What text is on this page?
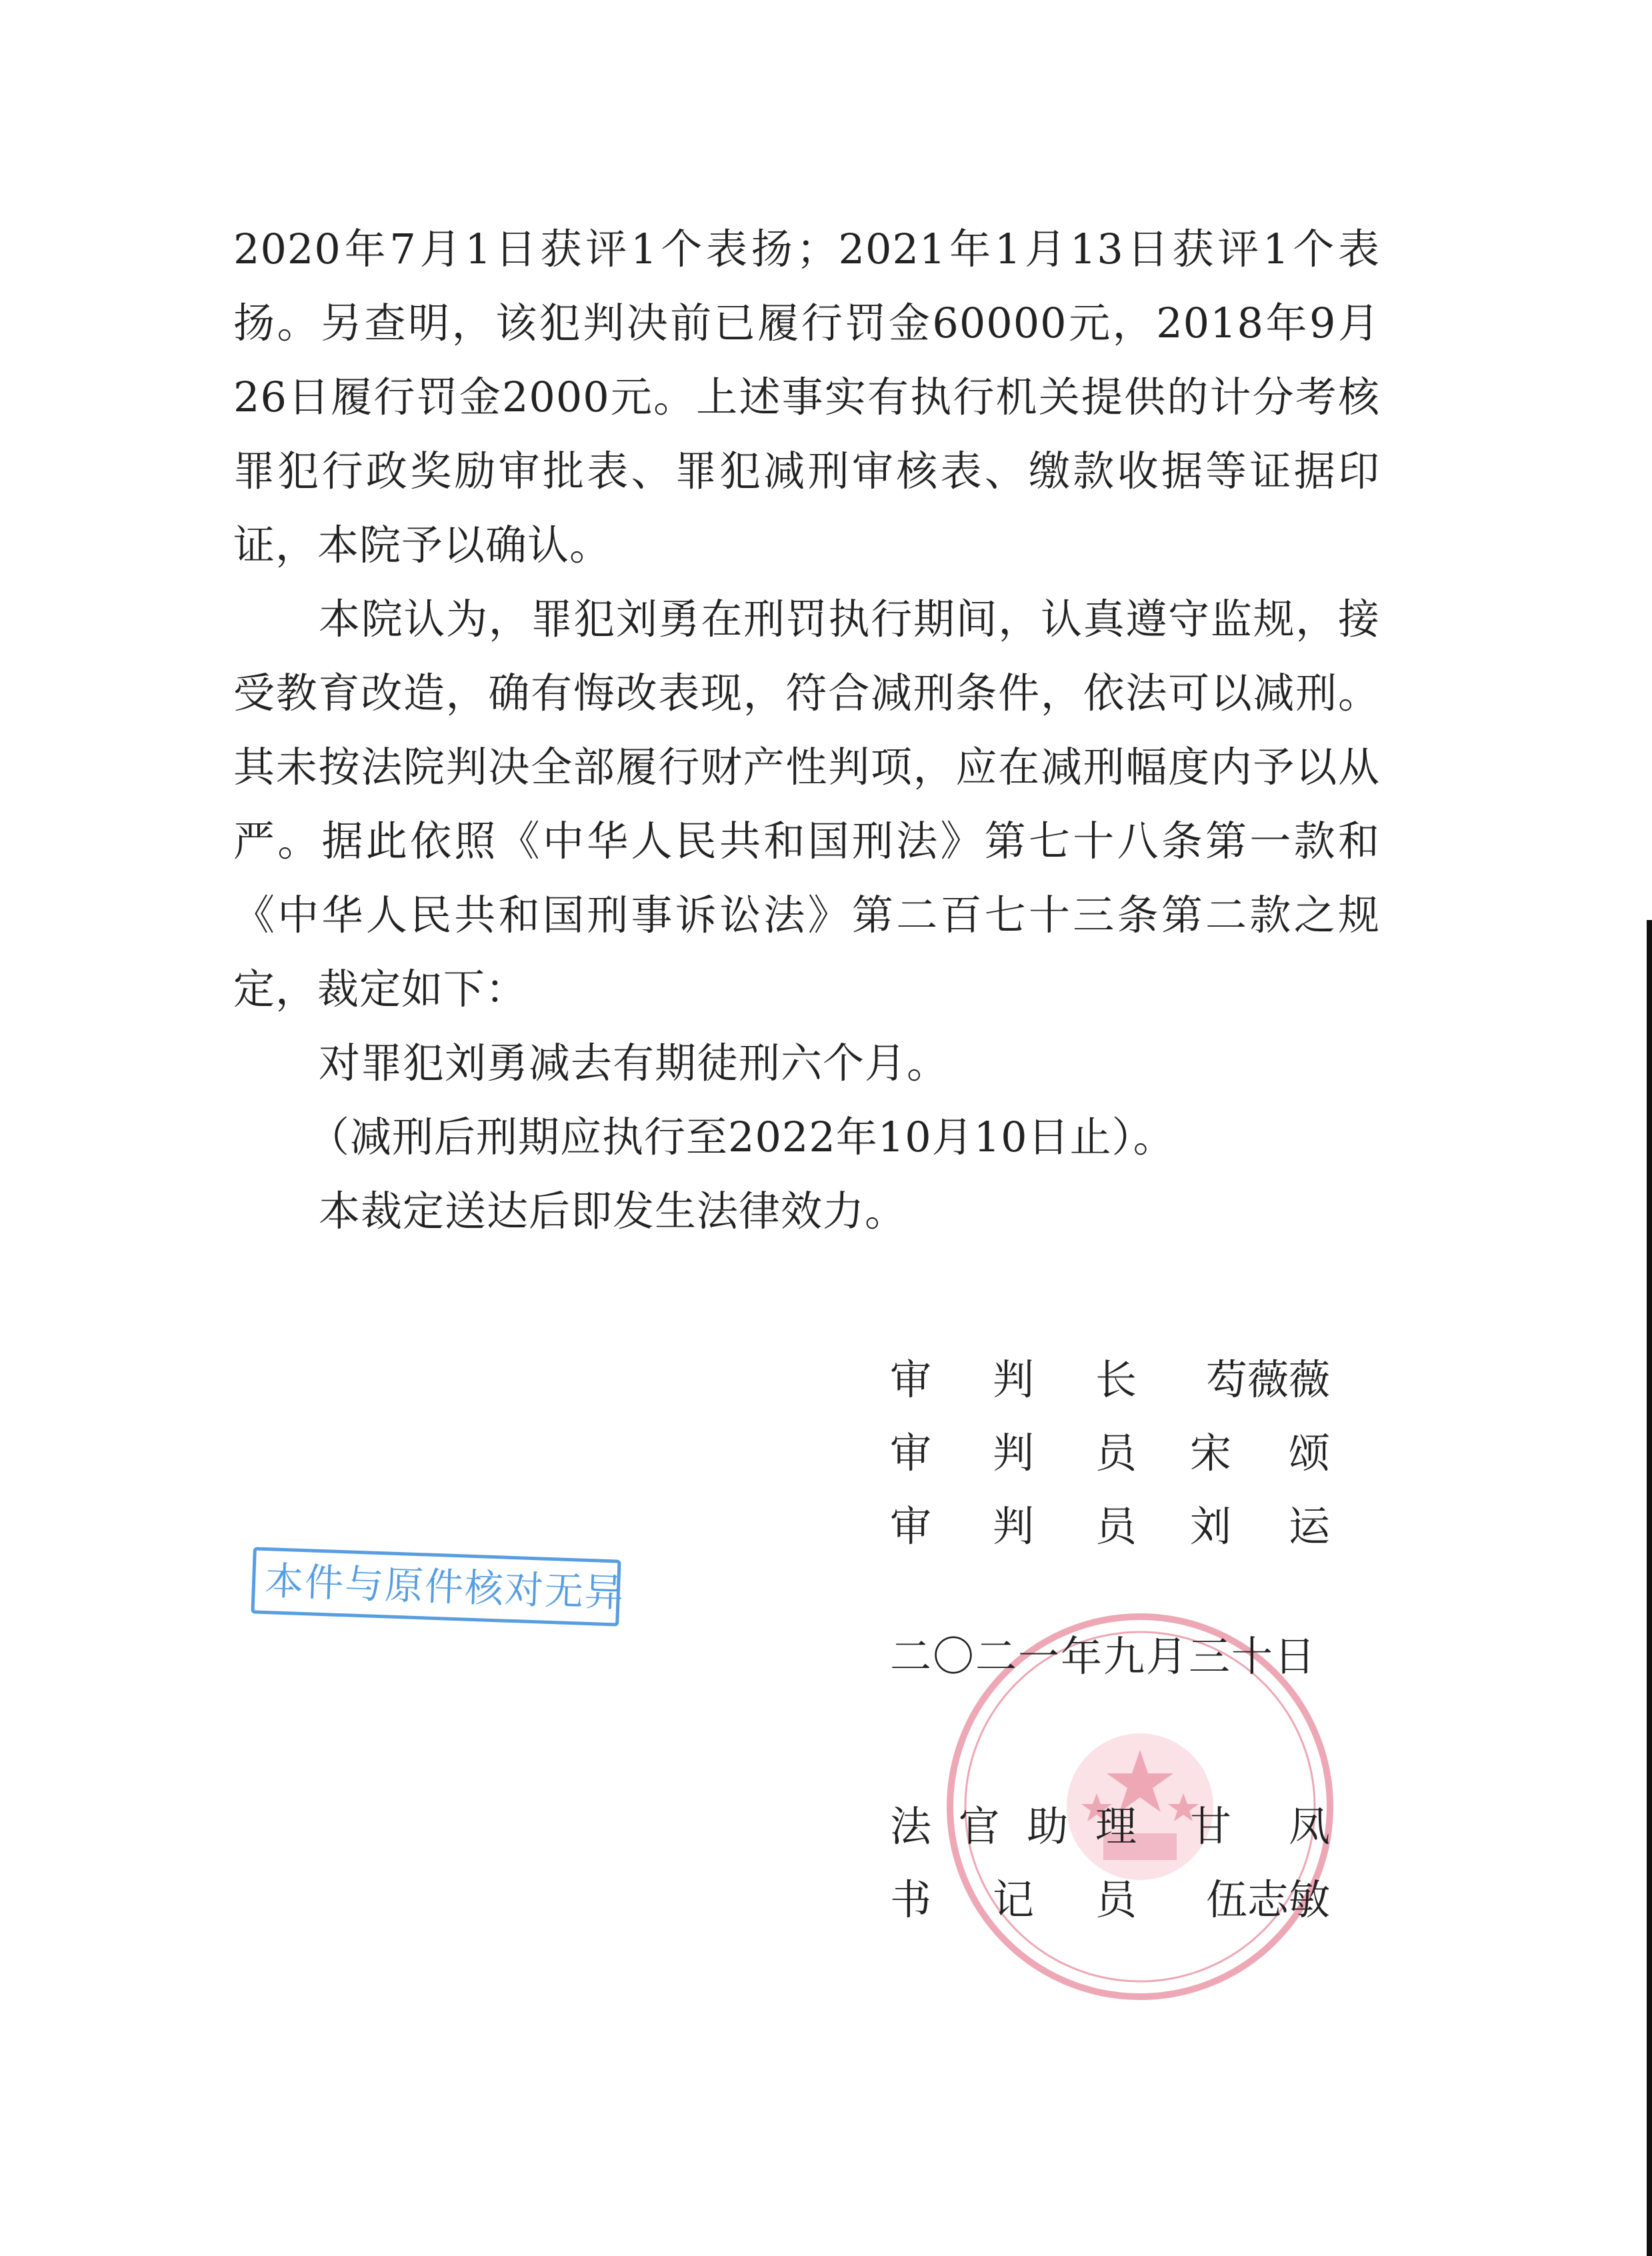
2020年7月1日获评1个表扬；2021年1月13日获评1个表扬。另查明，该犯判决前已履行罚金60000元，2018年9月26日履行罚金2000元。上述事实有执行机关提供的计分考核罪犯行政奖励审批表、罪犯减刑审核表、缴款收据等证据印证，本院予以确认。

本院认为，罪犯刘勇在刑罚执行期间，认真遵守监规，接受教育改造，确有悔改表现，符合减刑条件，依法可以减刑。其未按法院判决全部履行财产性判项，应在减刑幅度内予以从严。据此依照《中华人民共和国刑法》第七十八条第一款和《中华人民共和国刑事诉讼法》第二百七十三条第二款之规定，裁定如下：

对罪犯刘勇减去有期徒刑六个月。

（减刑后刑期应执行至2022年10月10日止）。

本裁定送达后即发生法律效力。

审 判 长 芶薇薇
审 判 员 宋 颂
审 判 员 刘 运
二〇二一年九月三十日
法 官 助 理 甘 凤
书 记 员 伍志敏
本件与原件核对无异
